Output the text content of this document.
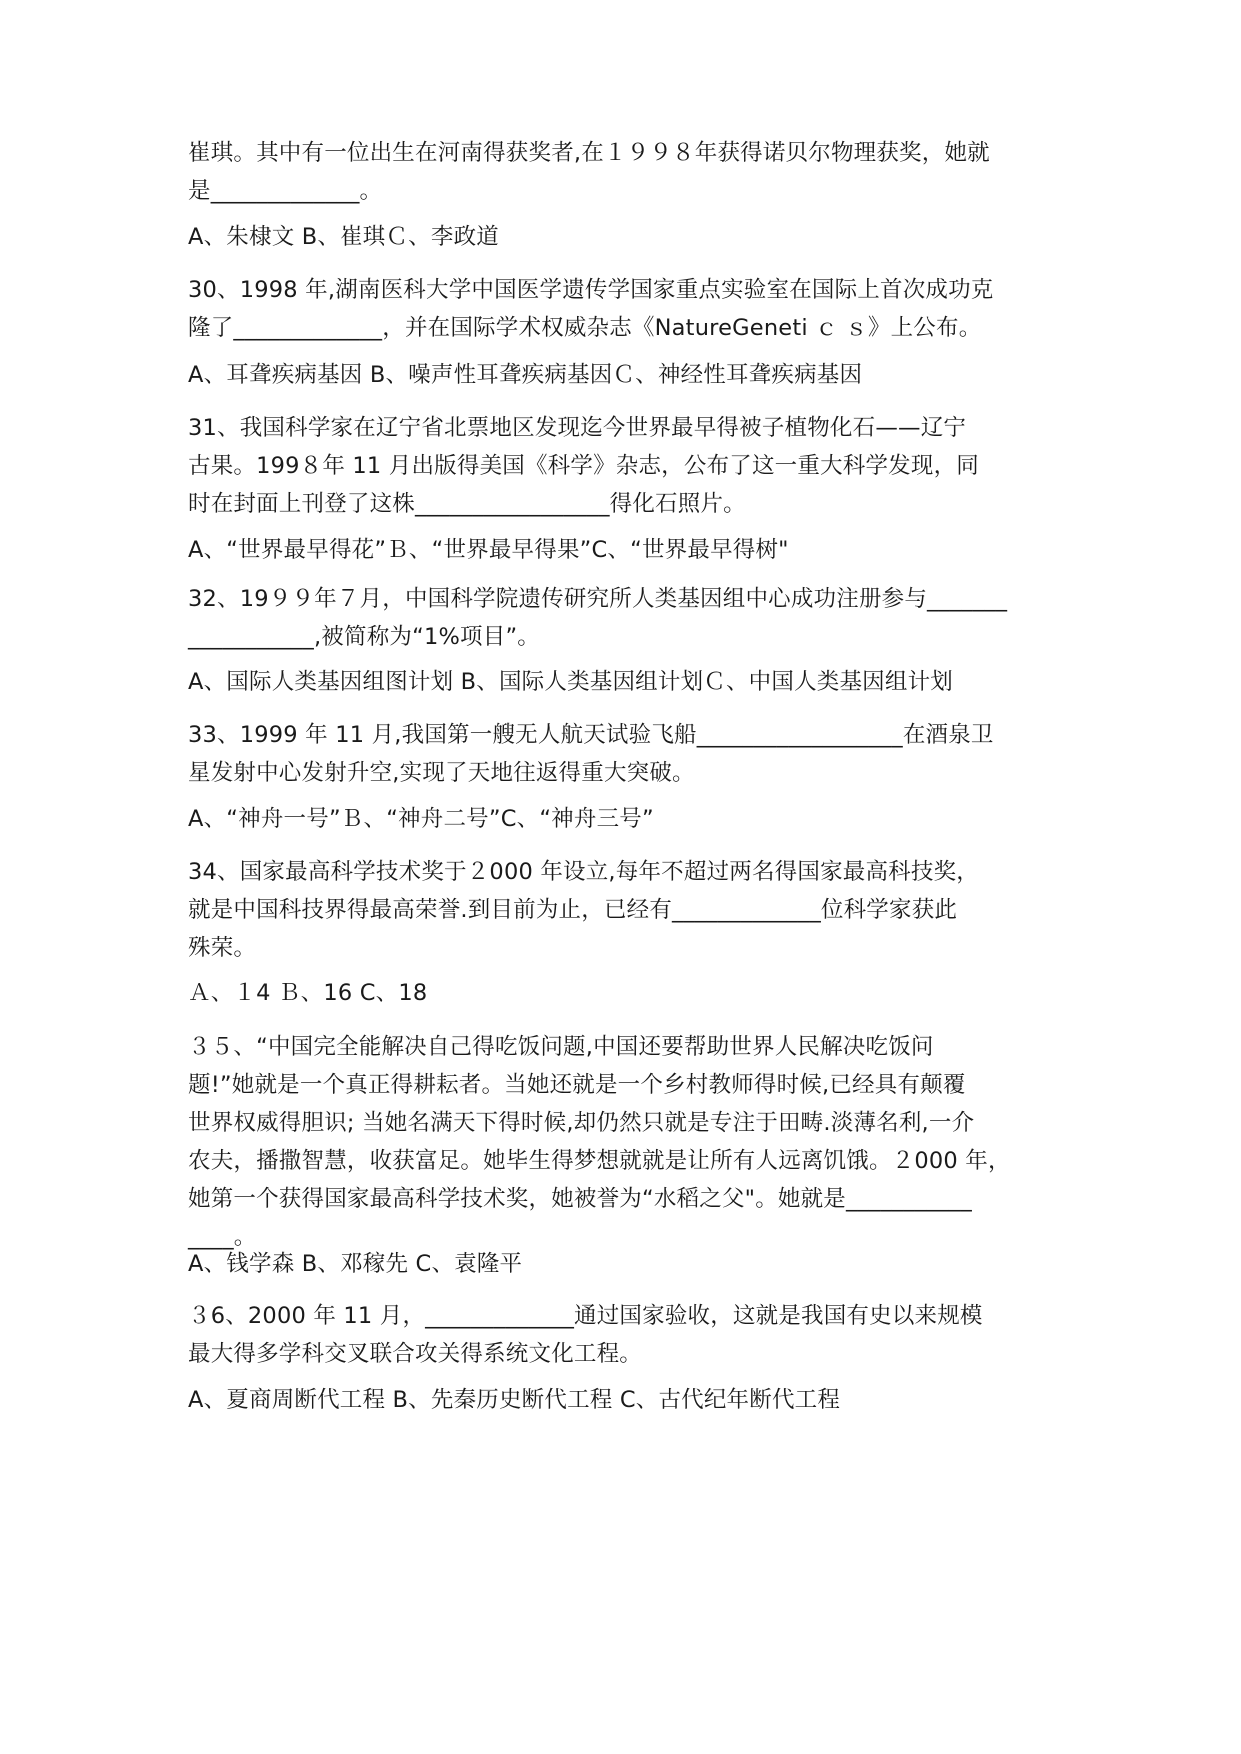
崔琪。其中有一位出生在河南得获奖者,在１９９８年获得诺贝尔物理获奖，她就
是_____________。
A、朱棣文 B、崔琪Ｃ、李政道
30、1998 年,湖南医科大学中国医学遗传学国家重点实验室在国际上首次成功克
隆了_____________，并在国际学术权威杂志《NatureGeneti ｃ ｓ》上公布。
A、耳聋疾病基因 B、噪声性耳聋疾病基因Ｃ、神经性耳聋疾病基因
31、我国科学家在辽宁省北票地区发现迄今世界最早得被子植物化石——辽宁
古果。199８年 11 月出版得美国《科学》杂志，公布了这一重大科学发现，同
时在封面上刊登了这株_________________得化石照片。
A、“世界最早得花”Ｂ、“世界最早得果”C、“世界最早得树"
32、19９９年７月，中国科学院遗传研究所人类基因组中心成功注册参与_______
___________,被简称为“1%项目”。
A、国际人类基因组图计划 B、国际人类基因组计划Ｃ、中国人类基因组计划
33、1999 年 11 月,我国第一艘无人航天试验飞船__________________在酒泉卫
星发射中心发射升空,实现了天地往返得重大突破。
A、“神舟一号”Ｂ、“神舟二号”C、“神舟三号”
34、国家最高科学技术奖于２000 年设立,每年不超过两名得国家最高科技奖，
就是中国科技界得最高荣誉.到目前为止，已经有_____________位科学家获此
殊荣。
Ａ、１4 Ｂ、16 C、18
３５、“中国完全能解决自己得吃饭问题,中国还要帮助世界人民解决吃饭问
题!”她就是一个真正得耕耘者。当她还就是一个乡村教师得时候,已经具有颠覆
世界权威得胆识; 当她名满天下得时候,却仍然只就是专注于田畴.淡薄名利,一介
农夫，播撒智慧，收获富足。她毕生得梦想就就是让所有人远离饥饿。２000 年，
她第一个获得国家最高科学技术奖，她被誉为“水稻之父"。她就是___________
____。
A、钱学森 B、邓稼先 C、袁隆平
３6、2000 年 11 月，_____________通过国家验收，这就是我国有史以来规模
最大得多学科交叉联合攻关得系统文化工程。
A、夏商周断代工程 B、先秦历史断代工程 C、古代纪年断代工程
